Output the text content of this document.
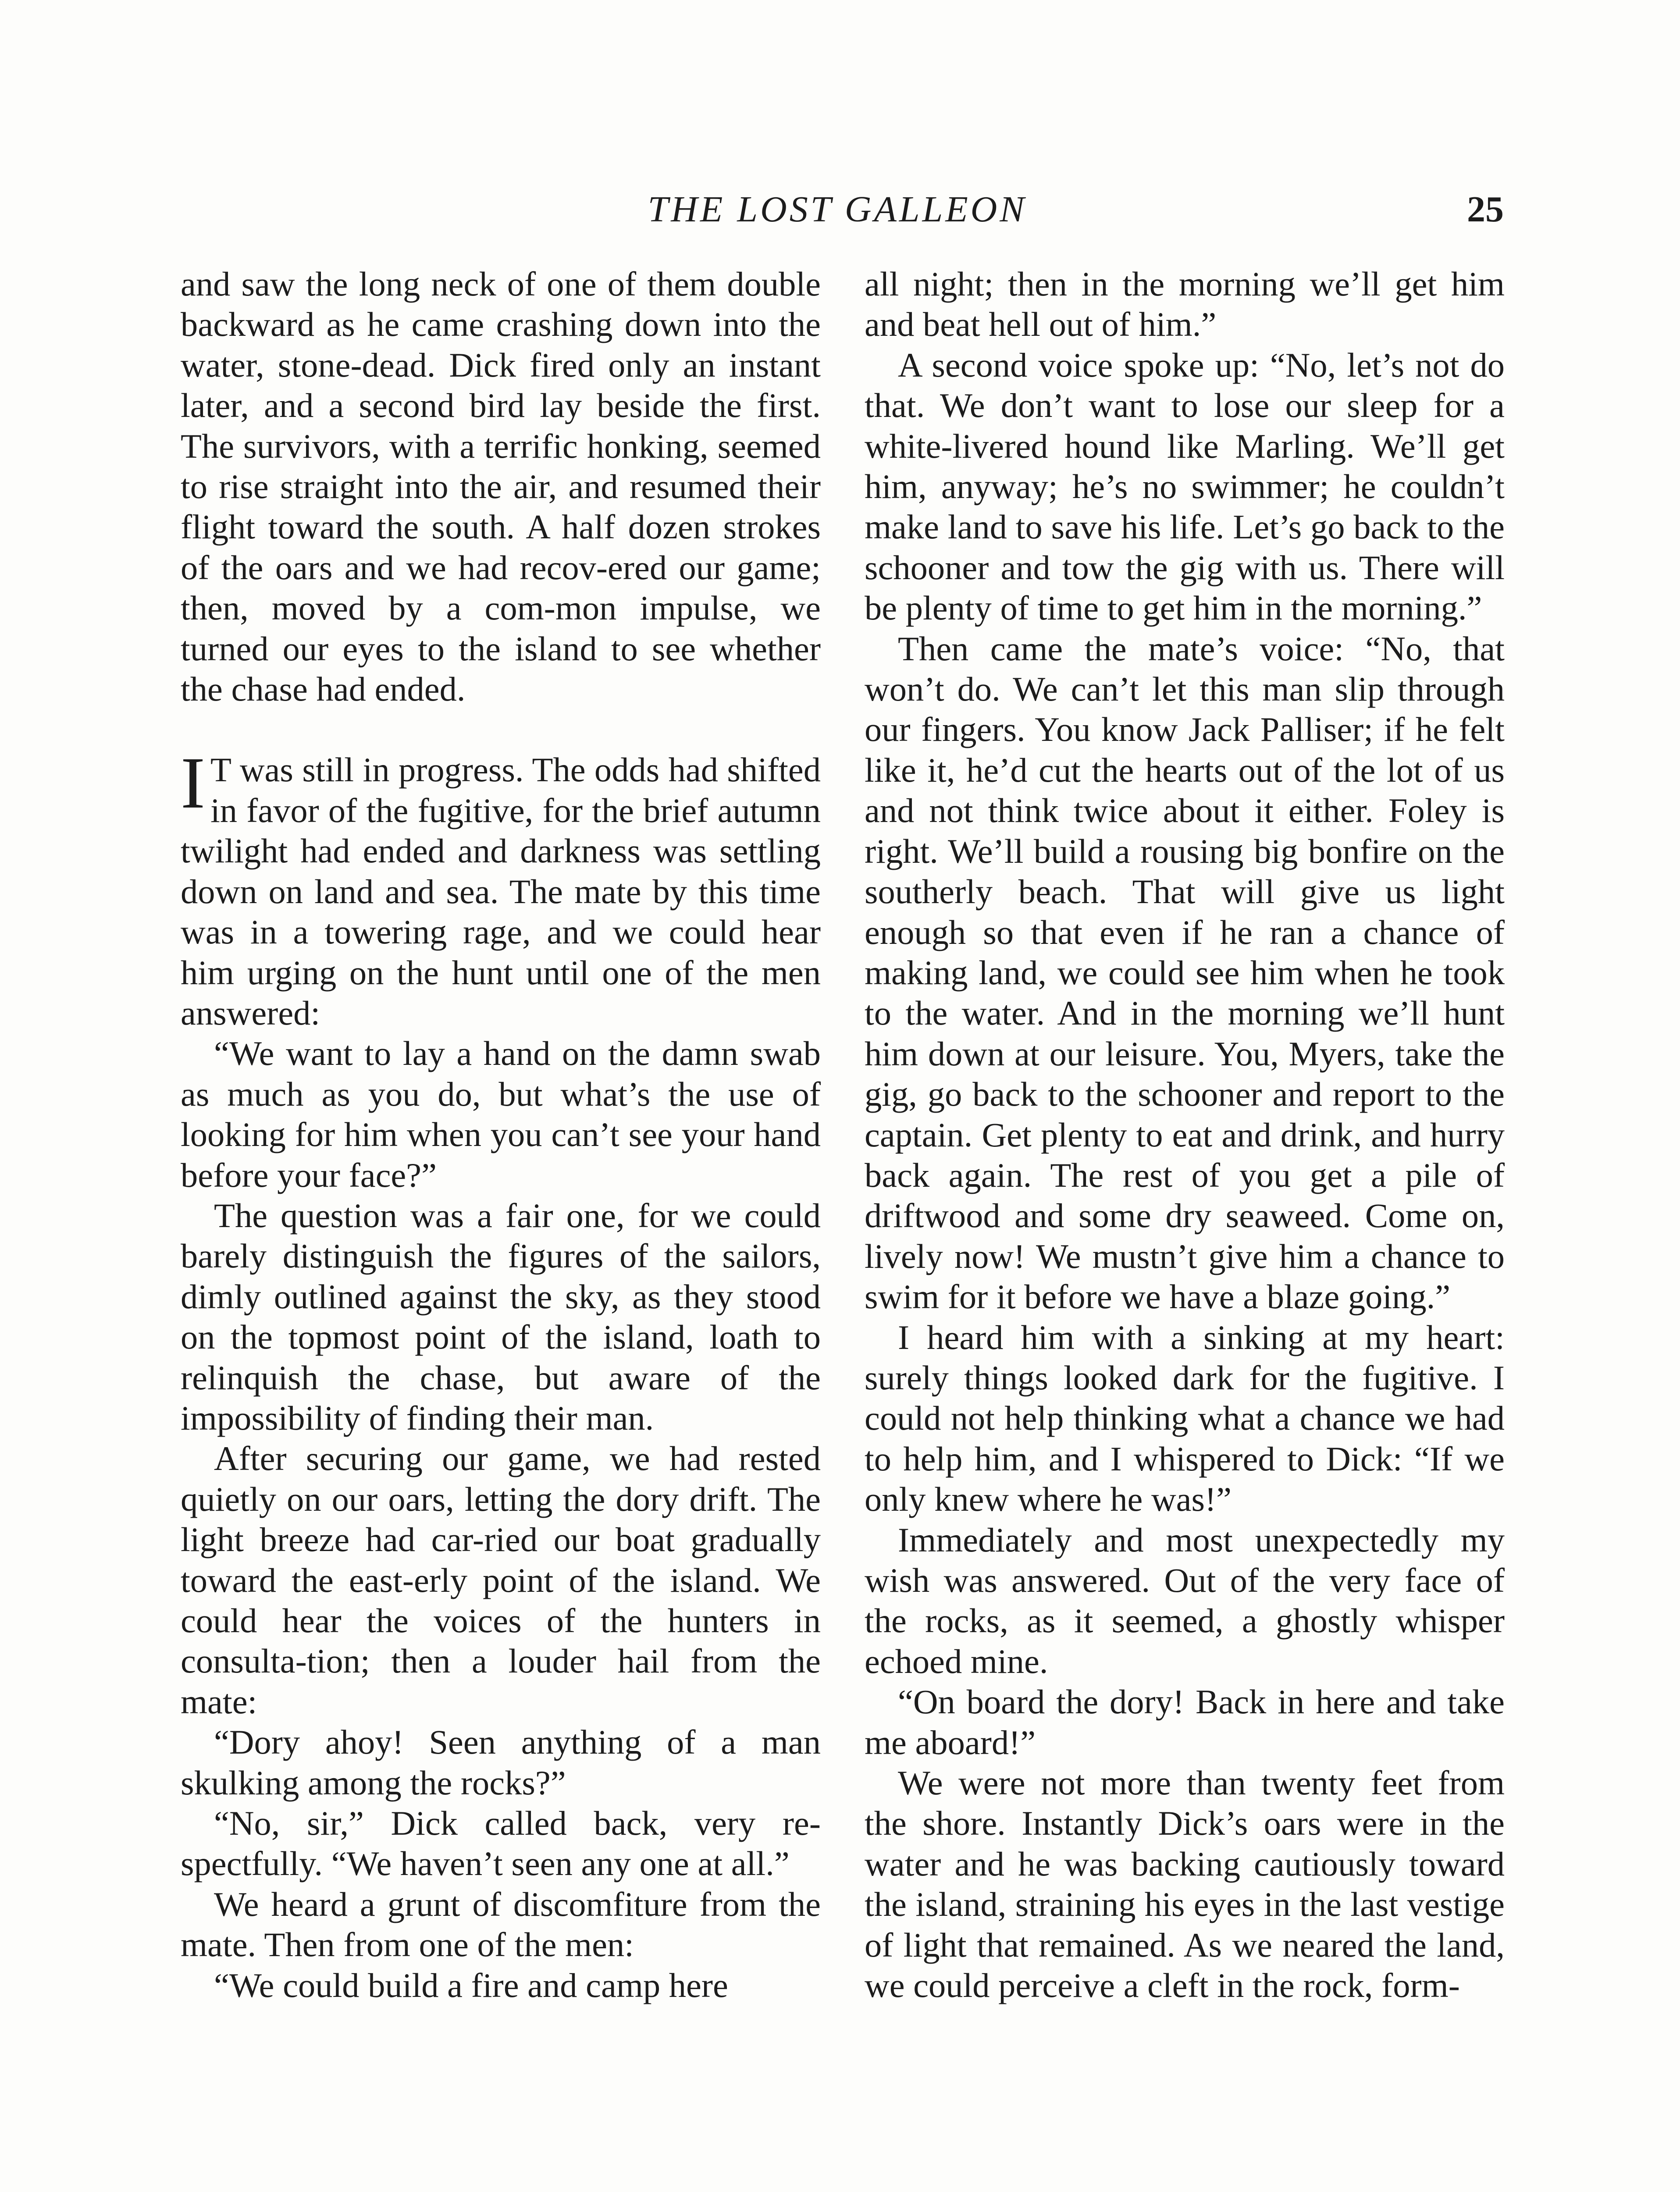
THE LOST GALLEON	25

and saw the long neck of one of them double backward as he came crashing down into the water, stone-dead. Dick fired only an instant later, and a second bird lay beside the first. The survivors, with a terrific honking, seemed to rise straight into the air, and resumed their flight toward the south. A half dozen strokes of the oars and we had recov-ered our game; then, moved by a com-mon impulse, we turned our eyes to the island to see whether the chase had ended.

I T was still in progress. The odds had shifted in favor of the fugitive, for the brief autumn twilight had ended and darkness was settling down on land and sea. The mate by this time was in a towering rage, and we could hear him urging on the hunt until one of the men answered:

“We want to lay a hand on the damn swab as much as you do, but what’s the use of looking for him when you can’t see your hand before your face?”

The question was a fair one, for we could barely distinguish the figures of the sailors, dimly outlined against the sky, as they stood on the topmost point of the island, loath to relinquish the chase, but aware of the impossibility of finding their man.

After securing our game, we had rested quietly on our oars, letting the dory drift. The light breeze had car-ried our boat gradually toward the east-erly point of the island. We could hear the voices of the hunters in consulta-tion; then a louder hail from the mate:

“Dory ahoy! Seen anything of a man skulking among the rocks?”

“No, sir,” Dick called back, very re-spectfully. “We haven’t seen any one at all.”

We heard a grunt of discomfiture from the mate. Then from one of the men:

“We could build a fire and camp here

all night; then in the morning we’ll get him and beat hell out of him.”

A second voice spoke up: “No, let’s not do that. We don’t want to lose our sleep for a white-livered hound like Marling. We’ll get him, anyway; he’s no swimmer; he couldn’t make land to save his life. Let’s go back to the schooner and tow the gig with us. There will be plenty of time to get him in the morning.”

Then came the mate’s voice: “No, that won’t do. We can’t let this man slip through our fingers. You know Jack Palliser; if he felt like it, he’d cut the hearts out of the lot of us and not think twice about it either. Foley is right. We’ll build a rousing big bonfire on the southerly beach. That will give us light enough so that even if he ran a chance of making land, we could see him when he took to the water. And in the morning we’ll hunt him down at our leisure. You, Myers, take the gig, go back to the schooner and report to the captain. Get plenty to eat and drink, and hurry back again. The rest of you get a pile of driftwood and some dry seaweed. Come on, lively now! We mustn’t give him a chance to swim for it before we have a blaze going.”

I heard him with a sinking at my heart: surely things looked dark for the fugitive. I could not help thinking what a chance we had to help him, and I whispered to Dick: “If we only knew where he was!”

Immediately and most unexpectedly my wish was answered. Out of the very face of the rocks, as it seemed, a ghostly whisper echoed mine.

“On board the dory! Back in here and take me aboard!”

We were not more than twenty feet from the shore. Instantly Dick’s oars were in the water and he was backing cautiously toward the island, straining his eyes in the last vestige of light that remained. As we neared the land, we could perceive a cleft in the rock, form-
